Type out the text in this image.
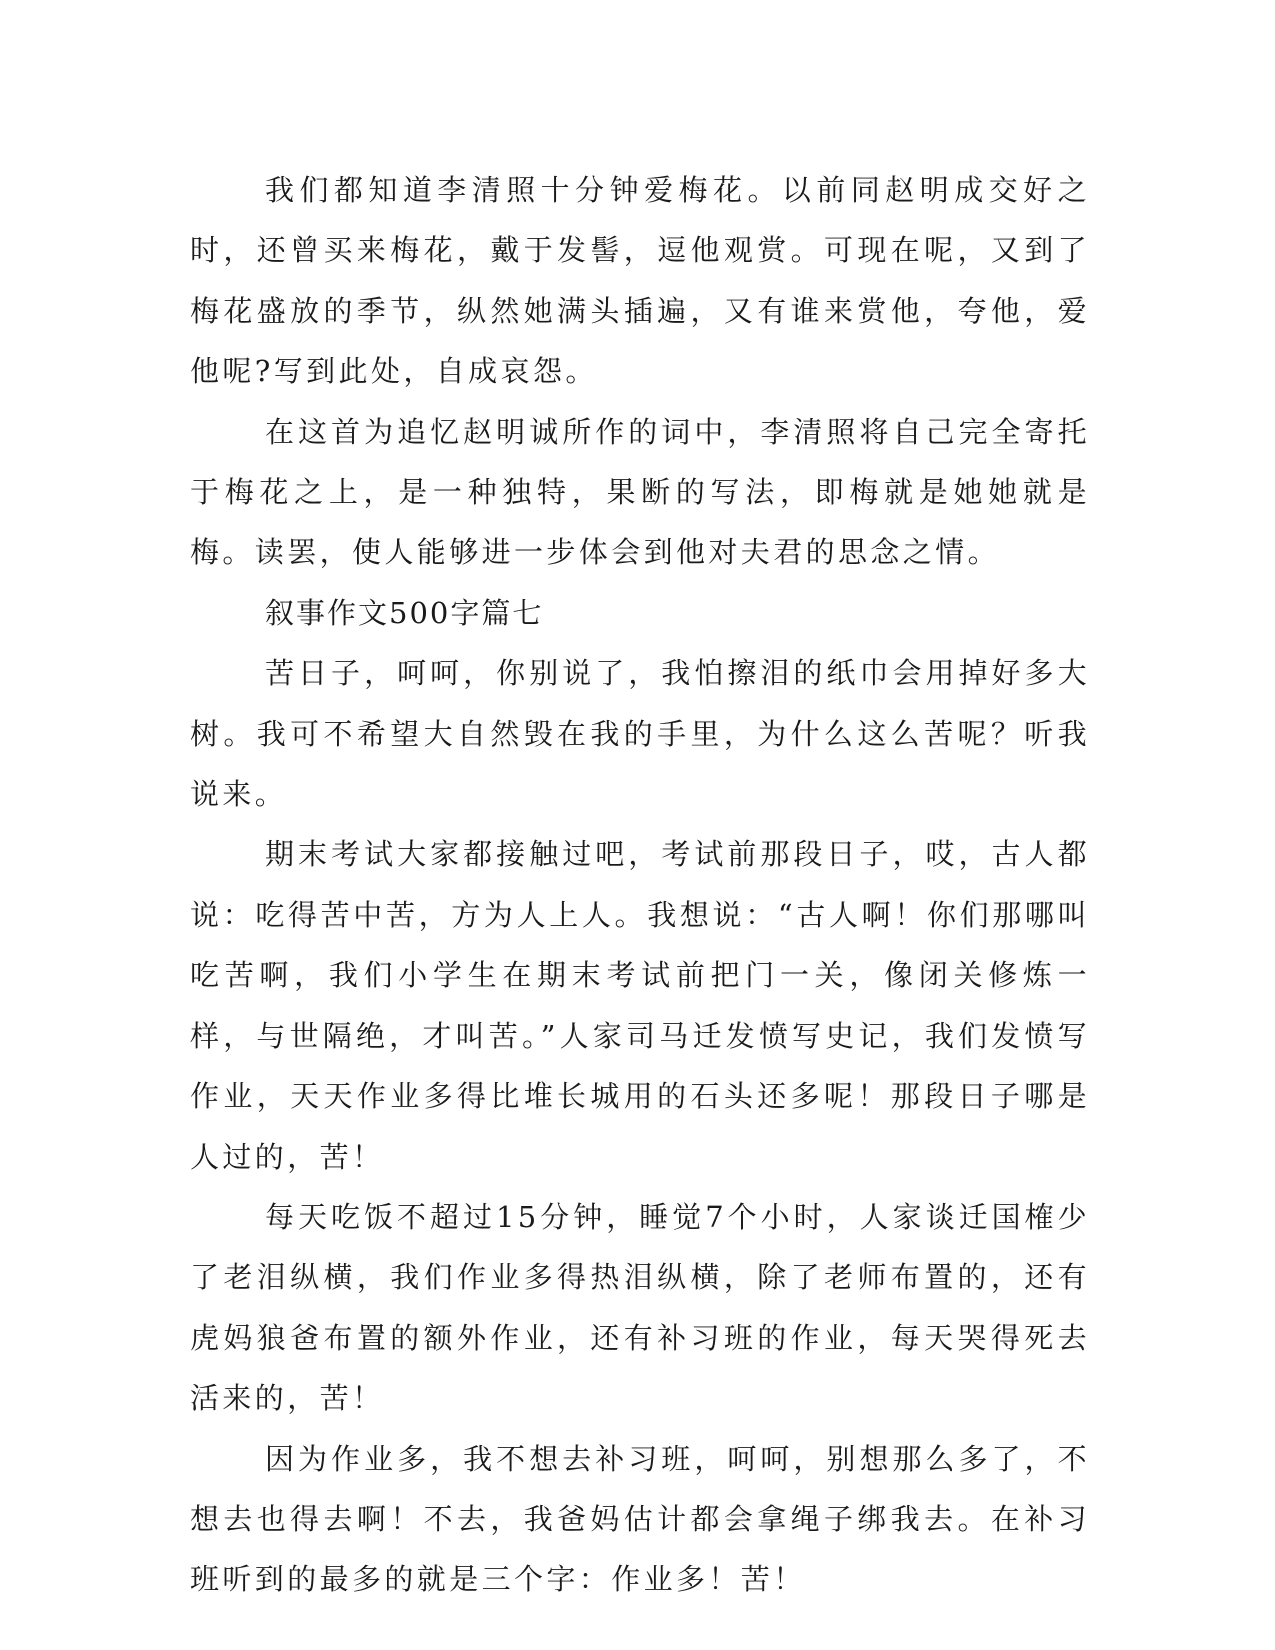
我们都知道李清照十分钟爱梅花。以前同赵明成交好之时，还曾买来梅花，戴于发髻，逗他观赏。可现在呢，又到了梅花盛放的季节，纵然她满头插遍，又有谁来赏他，夸他，爱他呢?写到此处，自成哀怨。

在这首为追忆赵明诚所作的词中，李清照将自己完全寄托于梅花之上，是一种独特，果断的写法，即梅就是她她就是梅。读罢，使人能够进一步体会到他对夫君的思念之情。

叙事作文500字篇七

苦日子，呵呵，你别说了，我怕擦泪的纸巾会用掉好多大树。我可不希望大自然毁在我的手里，为什么这么苦呢？听我说来。

期末考试大家都接触过吧，考试前那段日子，哎，古人都说：吃得苦中苦，方为人上人。我想说：“古人啊！你们那哪叫吃苦啊，我们小学生在期末考试前把门一关，像闭关修炼一样，与世隔绝，才叫苦。”人家司马迁发愤写史记，我们发愤写作业，天天作业多得比堆长城用的石头还多呢！那段日子哪是人过的，苦！

每天吃饭不超过15分钟，睡觉7个小时，人家谈迁国榷少了老泪纵横，我们作业多得热泪纵横，除了老师布置的，还有虎妈狼爸布置的额外作业，还有补习班的作业，每天哭得死去活来的，苦！

因为作业多，我不想去补习班，呵呵，别想那么多了，不想去也得去啊！不去，我爸妈估计都会拿绳子绑我去。在补习班听到的最多的就是三个字：作业多！苦！
